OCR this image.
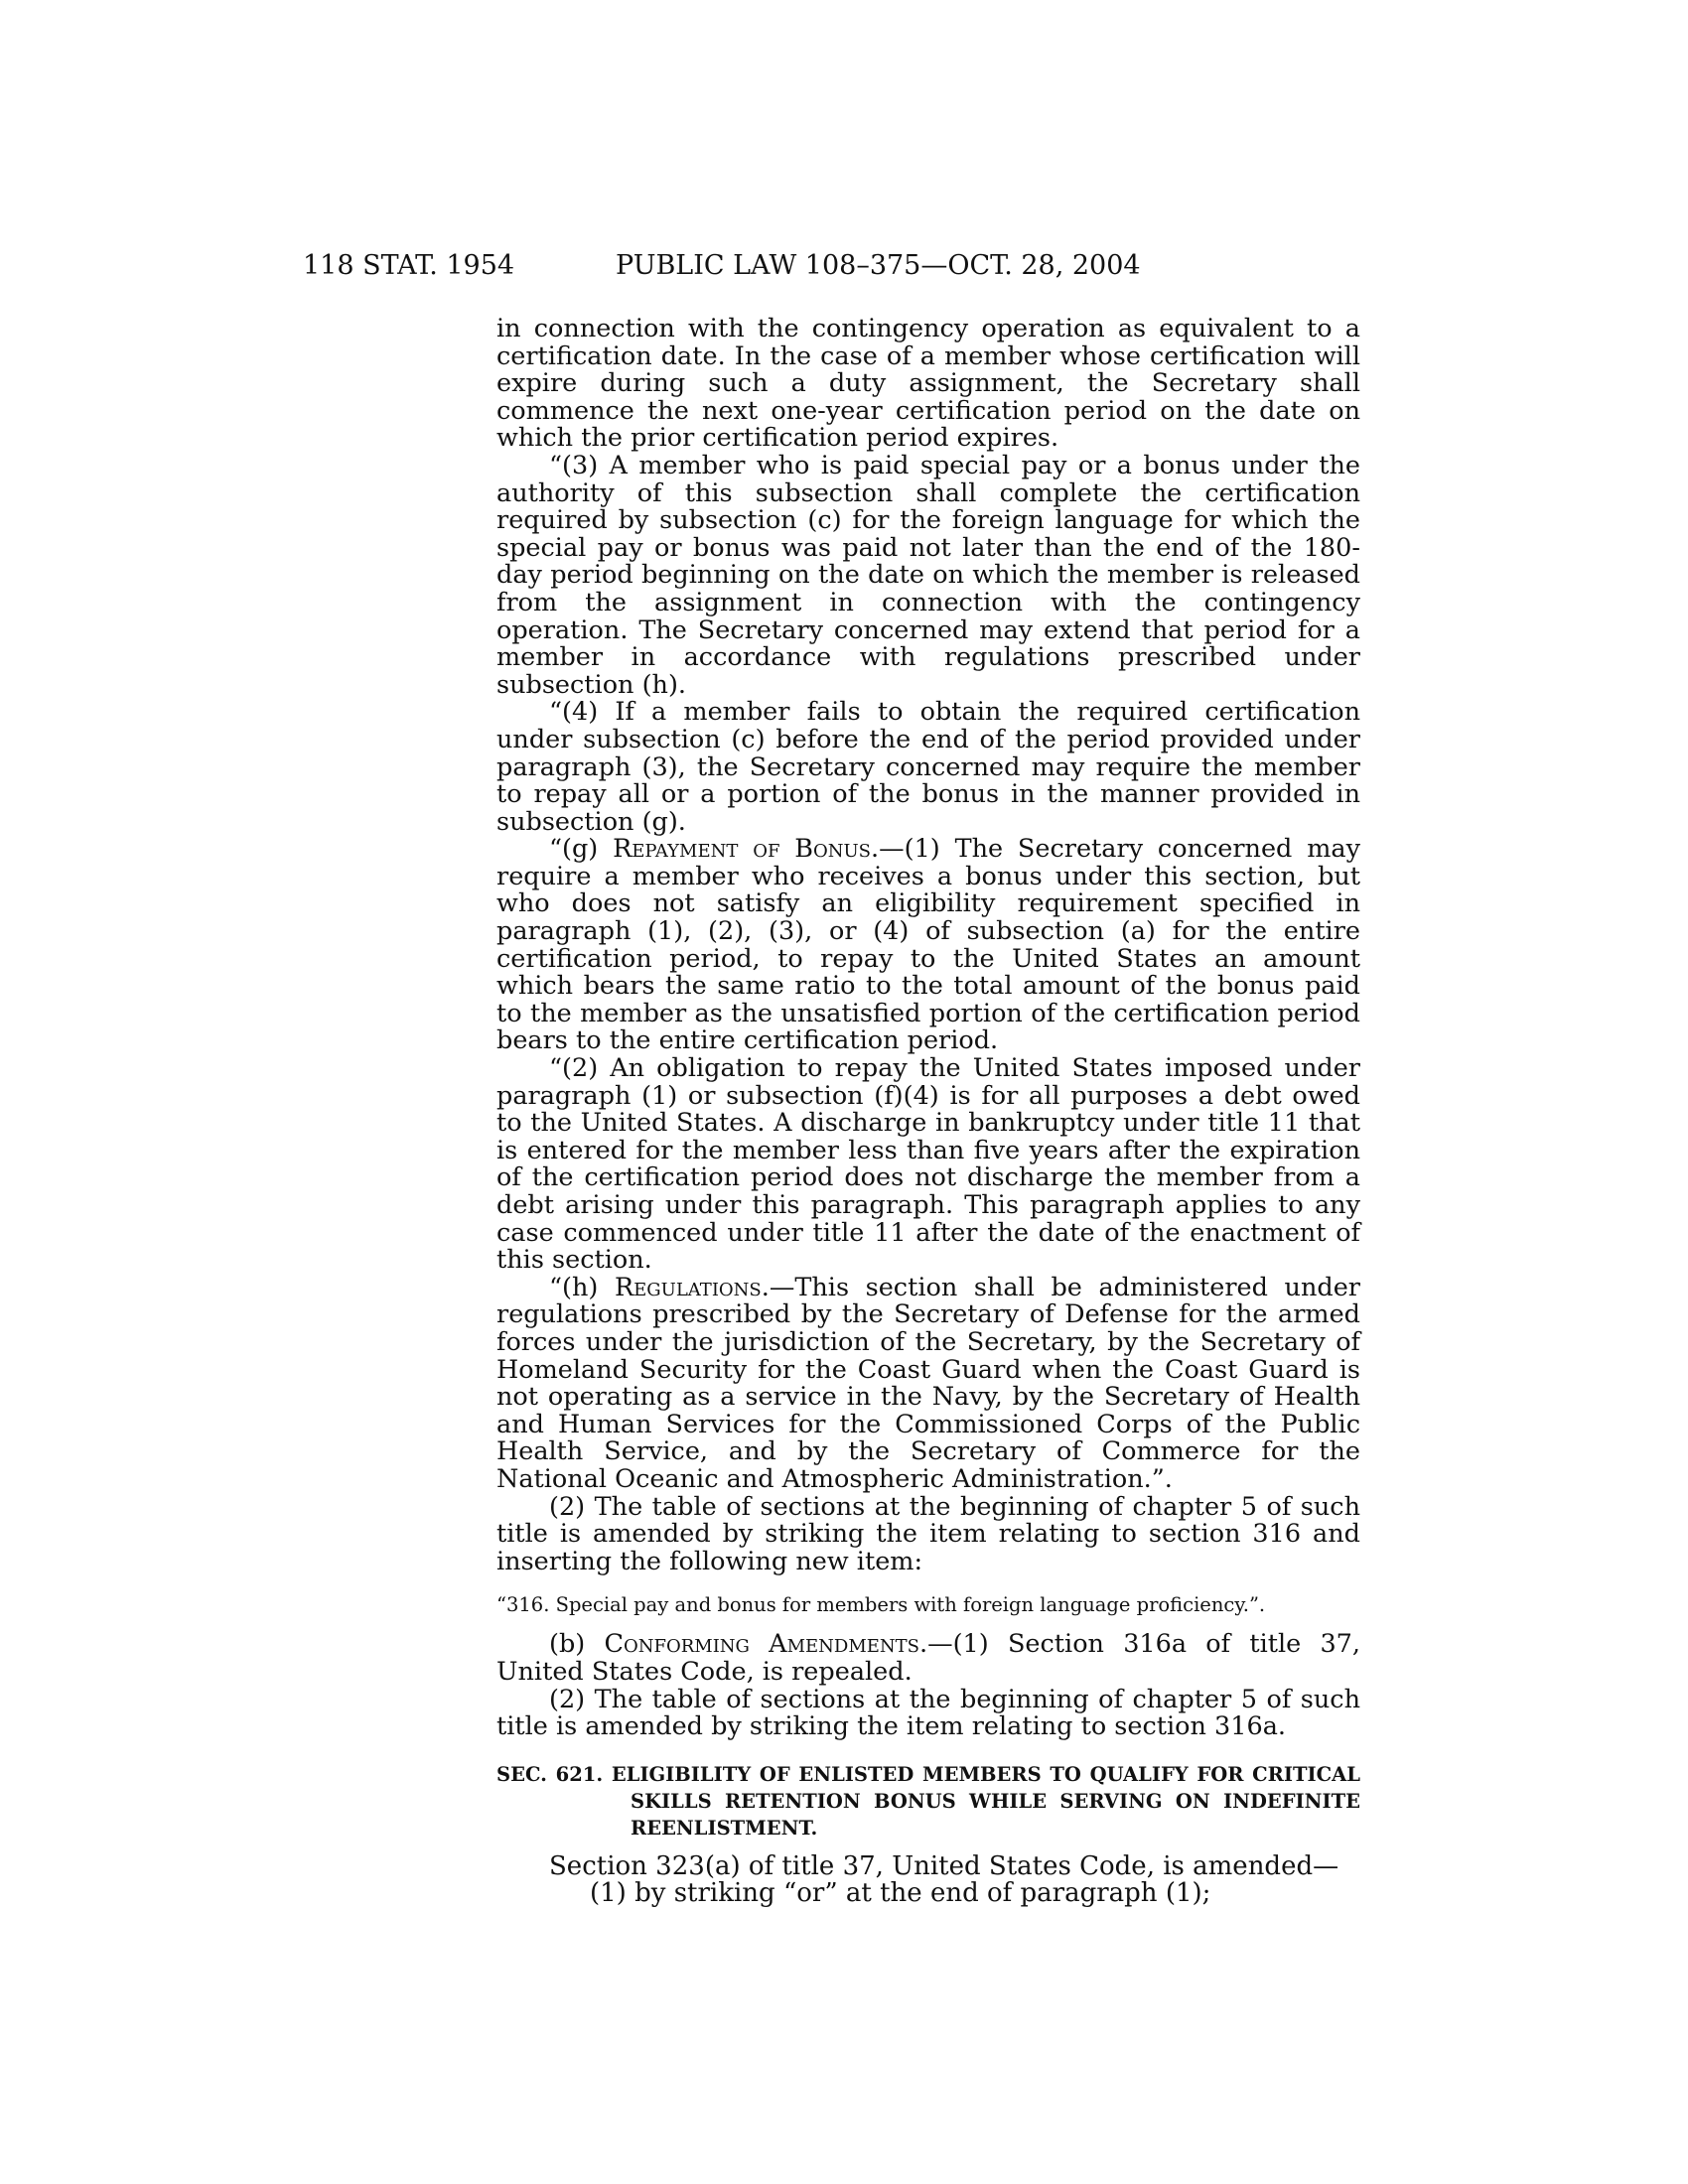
118 STAT. 1954	PUBLIC LAW 108–375—OCT. 28, 2004

in connection with the contingency operation as equivalent to a certification date. In the case of a member whose certification will expire during such a duty assignment, the Secretary shall commence the next one-year certification period on the date on which the prior certification period expires.

“(3) A member who is paid special pay or a bonus under the authority of this subsection shall complete the certification required by subsection (c) for the foreign language for which the special pay or bonus was paid not later than the end of the 180-day period beginning on the date on which the member is released from the assignment in connection with the contingency operation. The Secretary concerned may extend that period for a member in accordance with regulations prescribed under subsection (h).

“(4) If a member fails to obtain the required certification under subsection (c) before the end of the period provided under paragraph (3), the Secretary concerned may require the member to repay all or a portion of the bonus in the manner provided in subsection (g).

“(g) Repayment of Bonus.—(1) The Secretary concerned may require a member who receives a bonus under this section, but who does not satisfy an eligibility requirement specified in paragraph (1), (2), (3), or (4) of subsection (a) for the entire certification period, to repay to the United States an amount which bears the same ratio to the total amount of the bonus paid to the member as the unsatisfied portion of the certification period bears to the entire certification period.

“(2) An obligation to repay the United States imposed under paragraph (1) or subsection (f)(4) is for all purposes a debt owed to the United States. A discharge in bankruptcy under title 11 that is entered for the member less than five years after the expiration of the certification period does not discharge the member from a debt arising under this paragraph. This paragraph applies to any case commenced under title 11 after the date of the enactment of this section.

“(h) Regulations.—This section shall be administered under regulations prescribed by the Secretary of Defense for the armed forces under the jurisdiction of the Secretary, by the Secretary of Homeland Security for the Coast Guard when the Coast Guard is not operating as a service in the Navy, by the Secretary of Health and Human Services for the Commissioned Corps of the Public Health Service, and by the Secretary of Commerce for the National Oceanic and Atmospheric Administration.”.

(2) The table of sections at the beginning of chapter 5 of such title is amended by striking the item relating to section 316 and inserting the following new item:

“316. Special pay and bonus for members with foreign language proficiency.”.

(b) Conforming Amendments.—(1) Section 316a of title 37, United States Code, is repealed.

(2) The table of sections at the beginning of chapter 5 of such title is amended by striking the item relating to section 316a.

SEC. 621. ELIGIBILITY OF ENLISTED MEMBERS TO QUALIFY FOR CRITICAL SKILLS RETENTION BONUS WHILE SERVING ON INDEFINITE REENLISTMENT.

Section 323(a) of title 37, United States Code, is amended—

(1) by striking “or” at the end of paragraph (1);
